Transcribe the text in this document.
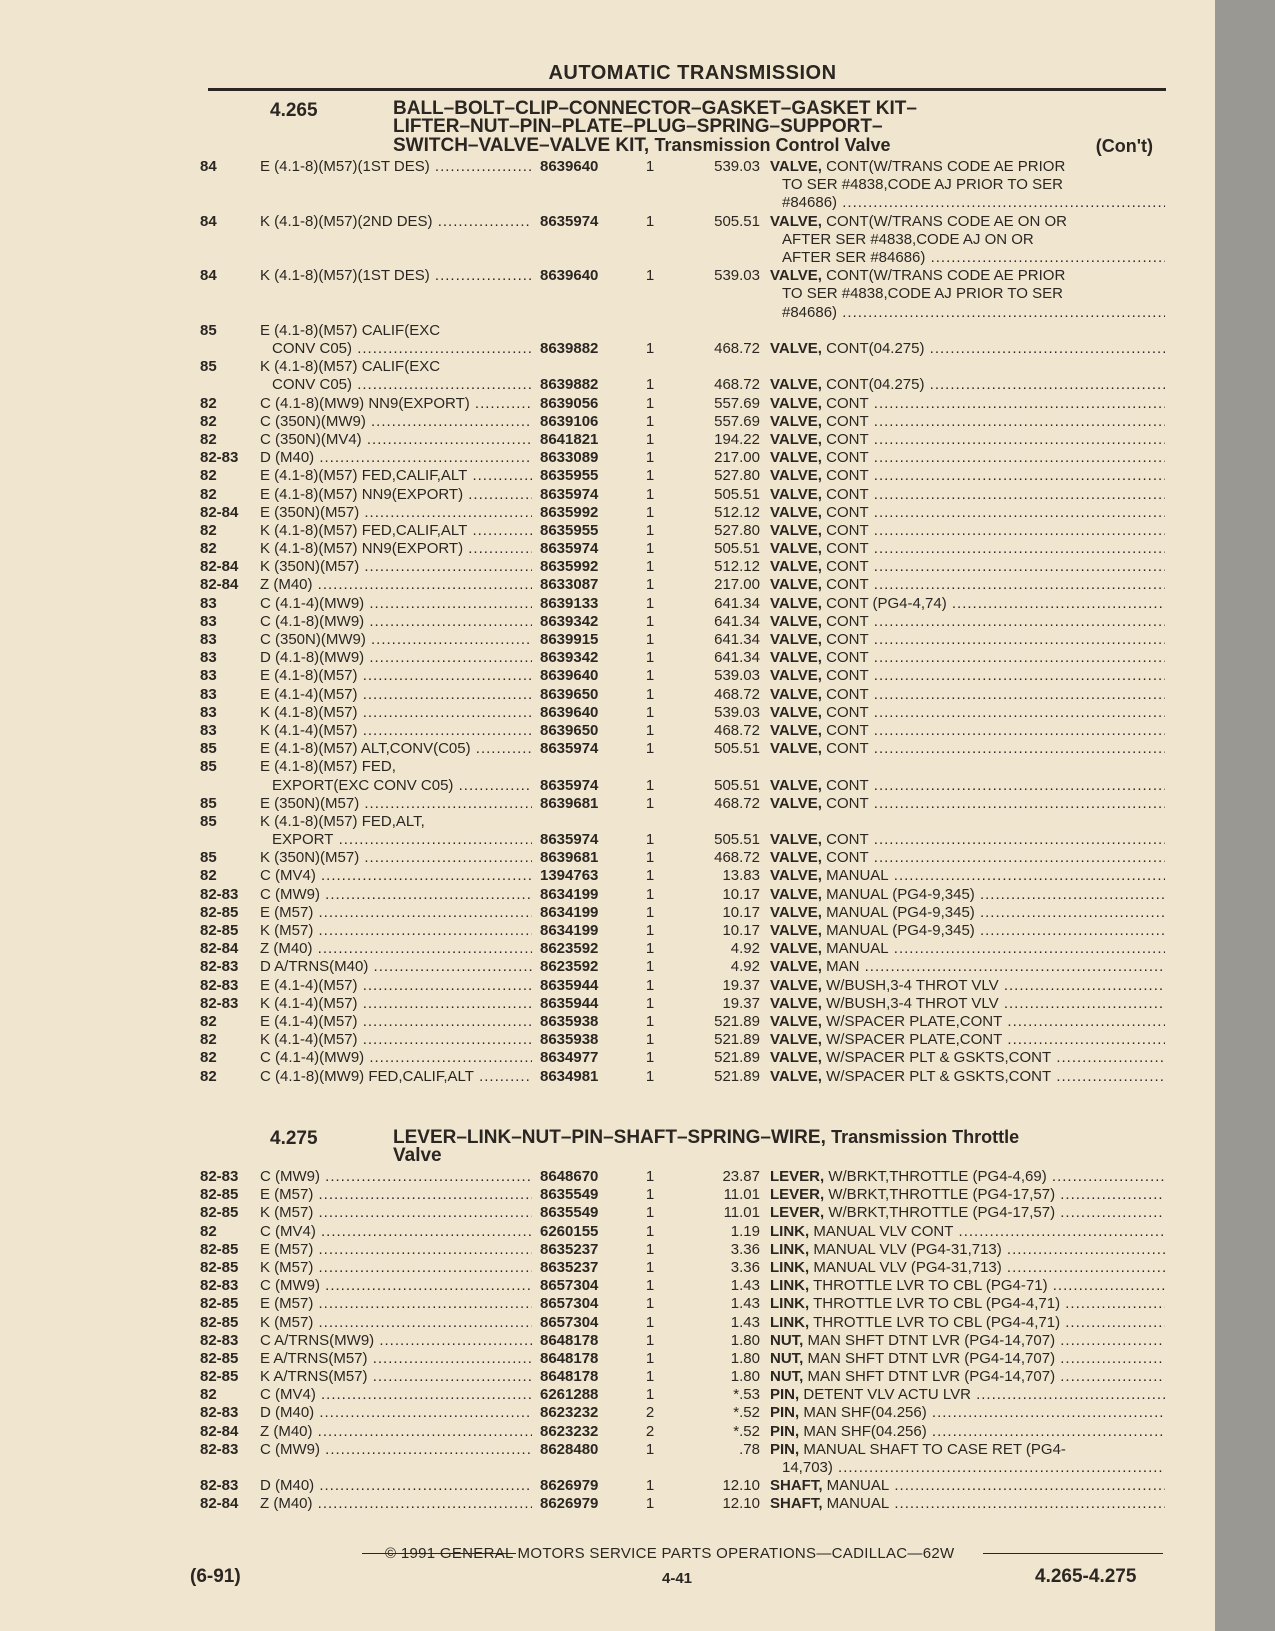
AUTOMATIC TRANSMISSION
4.265	BALL–BOLT–CLIP–CONNECTOR–GASKET–GASKET KIT–
LIFTER–NUT–PIN–PLATE–PLUG–SPRING–SUPPORT–
SWITCH–VALVE–VALVE KIT, Transmission Control Valve	(Con't)
84	E (4.1-8)(M57)(1ST DES) .....	8639640	1	539.03 VALVE, CONT(W/TRANS CODE AE PRIOR
TO SER #4838,CODE AJ PRIOR TO SER
#84686) .....
84	K (4.1-8)(M57)(2ND DES) .....	8635974	1	505.51 VALVE, CONT(W/TRANS CODE AE ON OR
AFTER SER #4838,CODE AJ ON OR
AFTER SER #84686) .....
84	K (4.1-8)(M57)(1ST DES) .....	8639640	1	539.03 VALVE, CONT(W/TRANS CODE AE PRIOR
TO SER #4838,CODE AJ PRIOR TO SER
#84686) .....
85	E (4.1-8)(M57) CALIF(EXC
CONV C05) .....	8639882	1	468.72 VALVE, CONT(04.275) .....
85	K (4.1-8)(M57) CALIF(EXC
CONV C05) .....	8639882	1	468.72 VALVE, CONT(04.275) .....
82	C (4.1-8)(MW9) NN9(EXPORT) .....	8639056	1	557.69 VALVE, CONT .....
82	C (350N)(MW9) .....	8639106	1	557.69 VALVE, CONT .....
82	C (350N)(MV4) .....	8641821	1	194.22 VALVE, CONT .....
82-83	D (M40) .....	8633089	1	217.00 VALVE, CONT .....
82	E (4.1-8)(M57) FED,CALIF,ALT .....	8635955	1	527.80 VALVE, CONT .....
82	E (4.1-8)(M57) NN9(EXPORT) .....	8635974	1	505.51 VALVE, CONT .....
82-84	E (350N)(M57) .....	8635992	1	512.12 VALVE, CONT .....
82	K (4.1-8)(M57) FED,CALIF,ALT .....	8635955	1	527.80 VALVE, CONT .....
82	K (4.1-8)(M57) NN9(EXPORT) .....	8635974	1	505.51 VALVE, CONT .....
82-84	K (350N)(M57) .....	8635992	1	512.12 VALVE, CONT .....
82-84	Z (M40) .....	8633087	1	217.00 VALVE, CONT .....
83	C (4.1-4)(MW9) .....	8639133	1	641.34 VALVE, CONT (PG4-4,74) .....
83	C (4.1-8)(MW9) .....	8639342	1	641.34 VALVE, CONT .....
83	C (350N)(MW9) .....	8639915	1	641.34 VALVE, CONT .....
83	D (4.1-8)(MW9) .....	8639342	1	641.34 VALVE, CONT .....
83	E (4.1-8)(M57) .....	8639640	1	539.03 VALVE, CONT .....
83	E (4.1-4)(M57) .....	8639650	1	468.72 VALVE, CONT .....
83	K (4.1-8)(M57) .....	8639640	1	539.03 VALVE, CONT .....
83	K (4.1-4)(M57) .....	8639650	1	468.72 VALVE, CONT .....
85	E (4.1-8)(M57) ALT,CONV(C05) .....	8635974	1	505.51 VALVE, CONT .....
85	E (4.1-8)(M57) FED,
EXPORT(EXC CONV C05) .....	8635974	1	505.51 VALVE, CONT .....
85	E (350N)(M57) .....	8639681	1	468.72 VALVE, CONT .....
85	K (4.1-8)(M57) FED,ALT,
EXPORT .....	8635974	1	505.51 VALVE, CONT .....
85	K (350N)(M57) .....	8639681	1	468.72 VALVE, CONT .....
82	C (MV4) .....	1394763	1	13.83 VALVE, MANUAL .....
82-83	C (MW9) .....	8634199	1	10.17 VALVE, MANUAL (PG4-9,345) .....
82-85	E (M57) .....	8634199	1	10.17 VALVE, MANUAL (PG4-9,345) .....
82-85	K (M57) .....	8634199	1	10.17 VALVE, MANUAL (PG4-9,345) .....
82-84	Z (M40) .....	8623592	1	4.92 VALVE, MANUAL .....
82-83	D A/TRNS(M40) .....	8623592	1	4.92 VALVE, MAN .....
82-83	E (4.1-4)(M57) .....	8635944	1	19.37 VALVE, W/BUSH,3-4 THROT VLV .....
82-83	K (4.1-4)(M57) .....	8635944	1	19.37 VALVE, W/BUSH,3-4 THROT VLV .....
82	E (4.1-4)(M57) .....	8635938	1	521.89 VALVE, W/SPACER PLATE,CONT .....
82	K (4.1-4)(M57) .....	8635938	1	521.89 VALVE, W/SPACER PLATE,CONT .....
82	C (4.1-4)(MW9) .....	8634977	1	521.89 VALVE, W/SPACER PLT & GSKTS,CONT .....
82	C (4.1-8)(MW9) FED,CALIF,ALT .....	8634981	1	521.89 VALVE, W/SPACER PLT & GSKTS,CONT .....
4.275	LEVER–LINK–NUT–PIN–SHAFT–SPRING–WIRE, Transmission Throttle
Valve
82-83	C (MW9) .....	8648670	1	23.87 LEVER, W/BRKT,THROTTLE (PG4-4,69) .....
82-85	E (M57) .....	8635549	1	11.01 LEVER, W/BRKT,THROTTLE (PG4-17,57) .....
82-85	K (M57) .....	8635549	1	11.01 LEVER, W/BRKT,THROTTLE (PG4-17,57) .....
82	C (MV4) .....	6260155	1	1.19 LINK, MANUAL VLV CONT .....
82-85	E (M57) .....	8635237	1	3.36 LINK, MANUAL VLV (PG4-31,713) .....
82-85	K (M57) .....	8635237	1	3.36 LINK, MANUAL VLV (PG4-31,713) .....
82-83	C (MW9) .....	8657304	1	1.43 LINK, THROTTLE LVR TO CBL (PG4-71) .....
82-85	E (M57) .....	8657304	1	1.43 LINK, THROTTLE LVR TO CBL (PG4-4,71) .....
82-85	K (M57) .....	8657304	1	1.43 LINK, THROTTLE LVR TO CBL (PG4-4,71) .....
82-83	C A/TRNS(MW9) .....	8648178	1	1.80 NUT, MAN SHFT DTNT LVR (PG4-14,707) .....
82-85	E A/TRNS(M57) .....	8648178	1	1.80 NUT, MAN SHFT DTNT LVR (PG4-14,707) .....
82-85	K A/TRNS(M57) .....	8648178	1	1.80 NUT, MAN SHFT DTNT LVR (PG4-14,707) .....
82	C (MV4) .....	6261288	1	*.53 PIN, DETENT VLV ACTU LVR .....
82-83	D (M40) .....	8623232	2	*.52 PIN, MAN SHF(04.256) .....
82-84	Z (M40) .....	8623232	2	*.52 PIN, MAN SHF(04.256) .....
82-83	C (MW9) .....	8628480	1	.78 PIN, MANUAL SHAFT TO CASE RET (PG4-
14,703) .....
82-83	D (M40) .....	8626979	1	12.10 SHAFT, MANUAL .....
82-84	Z (M40) .....	8626979	1	12.10 SHAFT, MANUAL .....
© 1991 GENERAL MOTORS SERVICE PARTS OPERATIONS—CADILLAC—62W
(6-91)	4-41	4.265-4.275
